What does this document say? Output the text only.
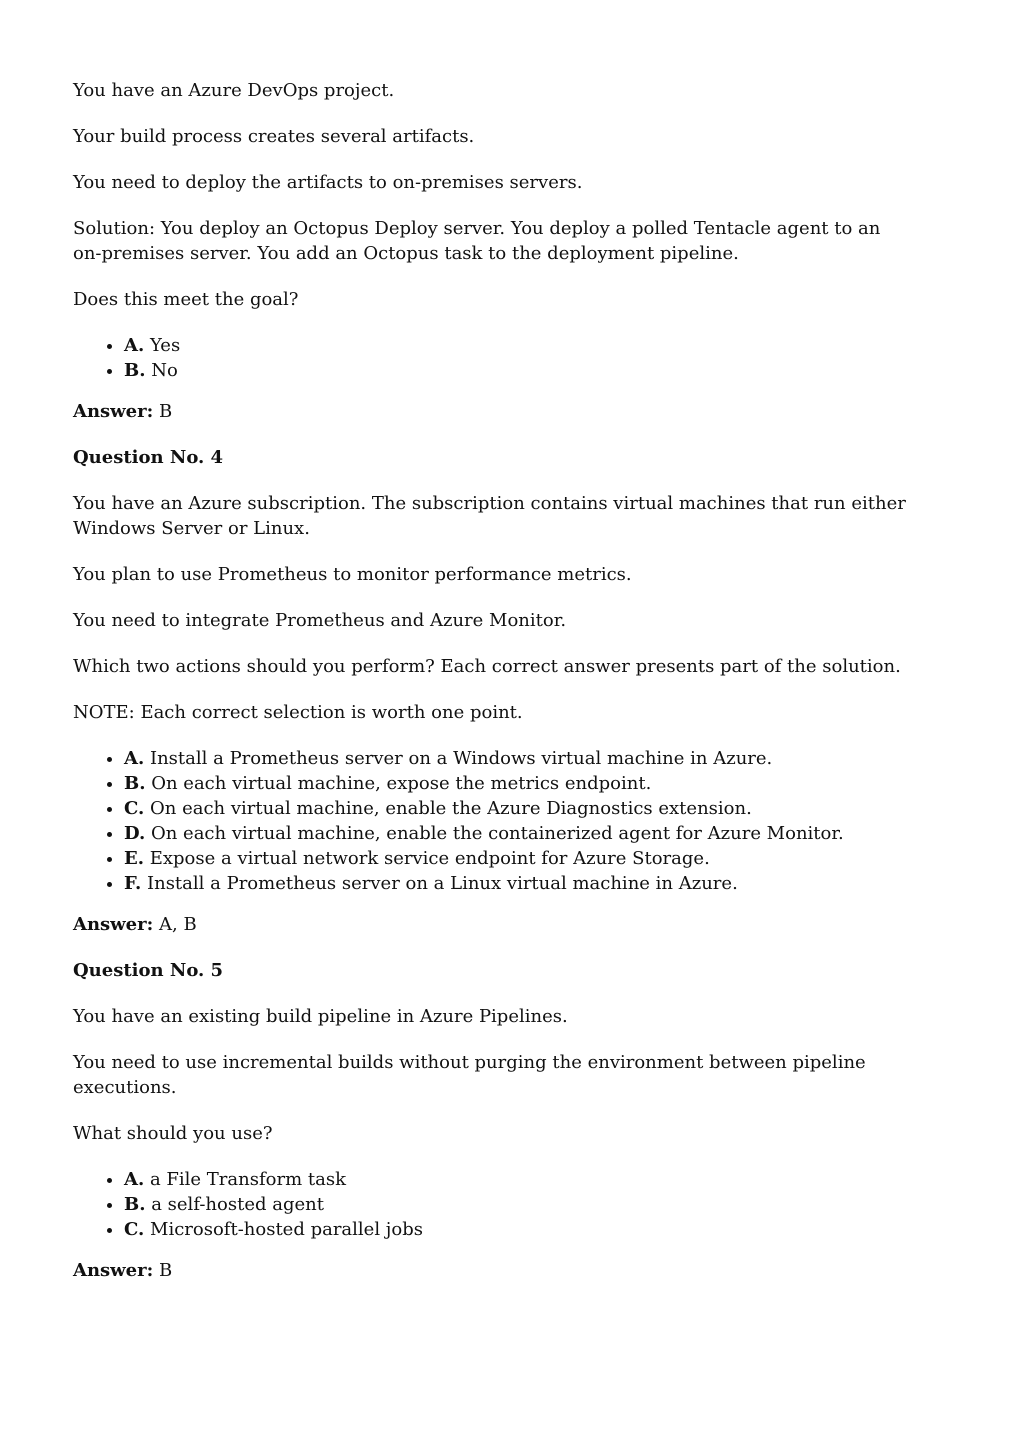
You have an Azure DevOps project.

Your build process creates several artifacts.

You need to deploy the artifacts to on-premises servers.

Solution: You deploy an Octopus Deploy server. You deploy a polled Tentacle agent to an on-premises server. You add an Octopus task to the deployment pipeline.

Does this meet the goal?

• A. Yes
• B. No

Answer: B

Question No. 4

You have an Azure subscription. The subscription contains virtual machines that run either Windows Server or Linux.

You plan to use Prometheus to monitor performance metrics.

You need to integrate Prometheus and Azure Monitor.

Which two actions should you perform? Each correct answer presents part of the solution.

NOTE: Each correct selection is worth one point.

• A. Install a Prometheus server on a Windows virtual machine in Azure.
• B. On each virtual machine, expose the metrics endpoint.
• C. On each virtual machine, enable the Azure Diagnostics extension.
• D. On each virtual machine, enable the containerized agent for Azure Monitor.
• E. Expose a virtual network service endpoint for Azure Storage.
• F. Install a Prometheus server on a Linux virtual machine in Azure.

Answer: A, B

Question No. 5

You have an existing build pipeline in Azure Pipelines.

You need to use incremental builds without purging the environment between pipeline executions.

What should you use?

• A. a File Transform task
• B. a self-hosted agent
• C. Microsoft-hosted parallel jobs

Answer: B
